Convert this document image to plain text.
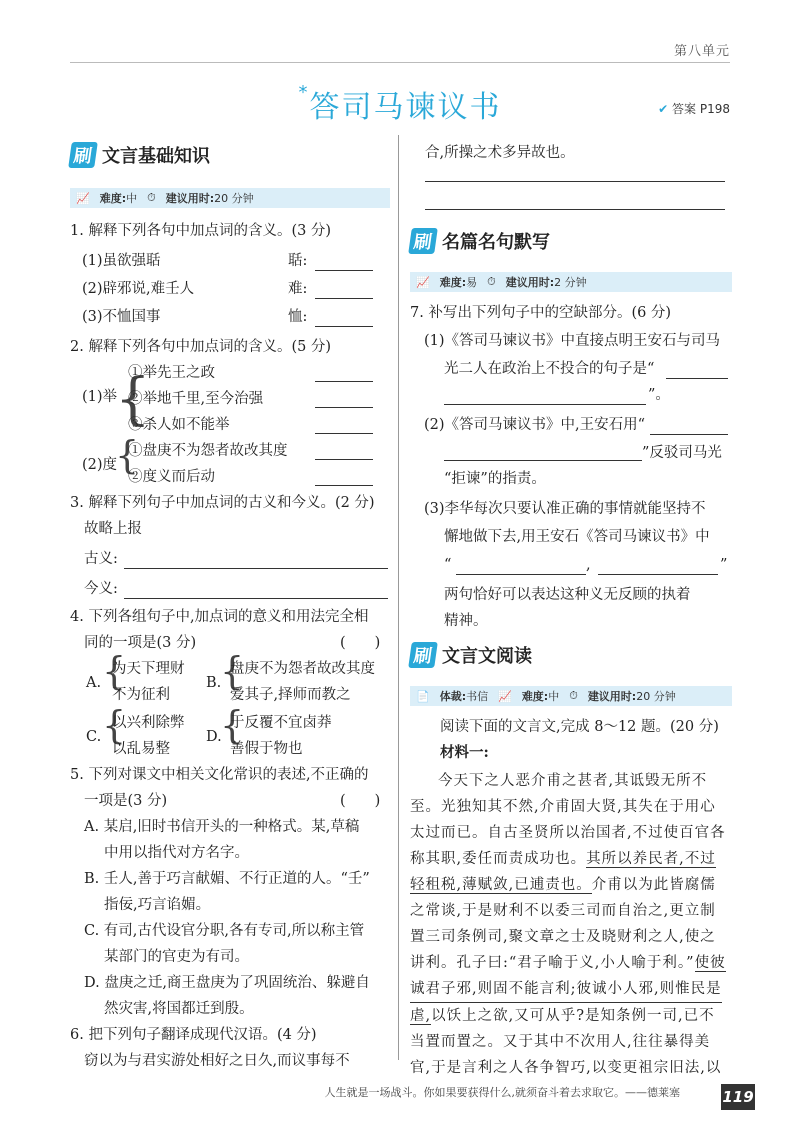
第八单元
*答司马谏议书	✔ 答案 P198
刷 文言基础知识
📈 难度: 中 ⏱ 建议用时: 20 分钟
1. 解释下列各句中加点词的含义。(3 分)
(1)虽欲强聒	聒:
(2)辟邪说,难壬人	难:
(3)不恤国事	恤:
2. 解释下列各句中加点词的含义。(5 分)
(1)举
{
①举先王之政
②举地千里,至今治强
③杀人如不能举
(2)度
{
①盘庚不为怨者故改其度
②度义而后动
3. 解释下列句子中加点词的古义和今义。(2 分)
故略上报
古义:
今义:
4. 下列各组句子中,加点词的意义和用法完全相
同的一项是(3 分)	(　　)
A. {
为天下理财
不为征利
B.
{
盘庚不为怨者故改其度
爱其子,择师而教之
C. {
以兴利除弊
以乱易整
D.
{
于反覆不宜卤莽
善假于物也
5. 下列对课文中相关文化常识的表述,不正确的
一项是(3 分)	(　　)
A. 某启,旧时书信开头的一种格式。某,草稿
中用以指代对方名字。
B. 壬人,善于巧言献媚、不行正道的人。“壬”
指佞,巧言谄媚。
C. 有司,古代设官分职,各有专司,所以称主管
某部门的官吏为有司。
D. 盘庚之迁,商王盘庚为了巩固统治、躲避自
然灾害,将国都迁到殷。
6. 把下列句子翻译成现代汉语。(4 分)
窃以为与君实游处相好之日久,而议事每不
合,所操之术多异故也。
刷 名篇名句默写
📈 难度: 易 ⏱ 建议用时: 2 分钟
7. 补写出下列句子中的空缺部分。(6 分)
(1)《答司马谏议书》中直接点明王安石与司马
光二人在政治上不投合的句子是“
”。
(2)《答司马谏议书》中,王安石用“
”反驳司马光
“拒谏”的指责。
(3)李华每次只要认准正确的事情就能坚持不
懈地做下去,用王安石《答司马谏议书》中
“	,	”
两句恰好可以表达这种义无反顾的执着
精神。
刷 文言文阅读
📄 体裁: 书信 📈 难度: 中 ⏱ 建议用时: 20 分钟
阅读下面的文言文,完成 8～12 题。(20 分)
材料一:
今天下之人恶介甫之甚者,其诋毁无所不
至。光独知其不然,介甫固大贤,其失在于用心
太过而已。自古圣贤所以治国者,不过使百官各
称其职,委任而责成功也。其所以养民者,不过
轻租税,薄赋敛,已逋责也。介甫以为此皆腐儒
之常谈,于是财利不以委三司而自治之,更立制
置三司条例司,聚文章之士及晓财利之人,使之
讲利。孔子曰:“君子喻于义,小人喻于利。”使彼
诚君子邪,则固不能言利;彼诚小人邪,则惟民是
虐,以饫上之欲,又可从乎?是知条例一司,已不
当置而置之。又于其中不次用人,往往暴得美
官,于是言利之人各争智巧,以变更祖宗旧法,以
人生就是一场战斗。你如果要获得什么,就须奋斗着去求取它。——德莱塞	119
